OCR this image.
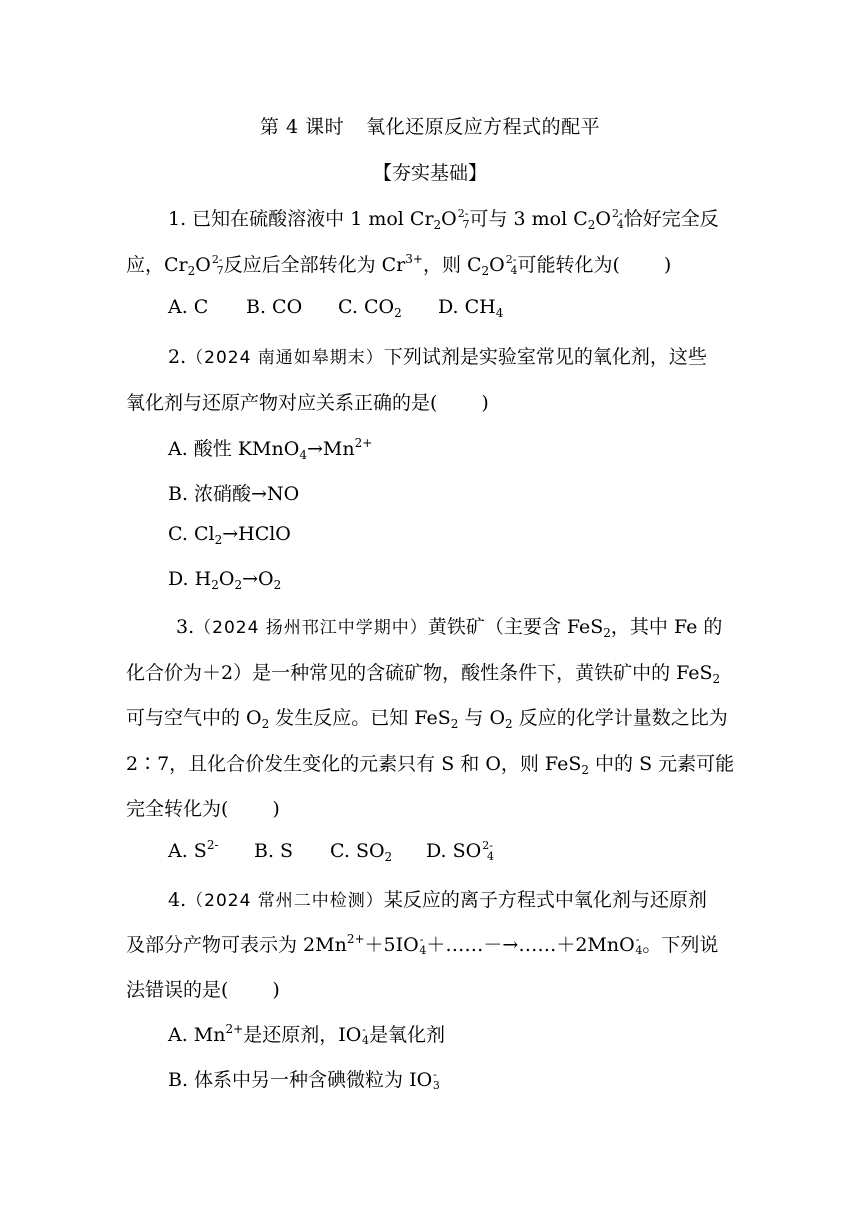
第 4 课时 氧化还原反应方程式的配平
【夯实基础】
1. 已知在硫酸溶液中 1 mol $Cr_2O^{2-}7$可与 3 mol $C_2O^{2-}4$恰好完全反
应，$Cr_2O^{2-}7$反应后全部转化为 $Cr^{3+}$，则 $C_2O^{2-}4$可能转化为( )
A. C B. CO C. $CO_2$ D. $CH_4$
2.（2024 南通如皋期末）下列试剂是实验室常见的氧化剂，这些
氧化剂与还原产物对应关系正确的是( )
A. 酸性 $KMnO_4\to Mn^{2+}$
B. 浓硝酸→NO
C. $Cl_2\to HClO$
D. $H_2O_2\to O_2$
3.（2024 扬州邗江中学期中）黄铁矿（主要含 FeS$_2$，其中 Fe 的
化合价为＋2）是一种常见的含硫矿物，酸性条件下，黄铁矿中的 FeS$_2$
可与空气中的 $O_2$ 发生反应。已知 FeS$_2$ 与 $O_2$ 反应的化学计量数之比为
2∶7，且化合价发生变化的元素只有 S 和 O，则 FeS$_2$ 中的 S 元素可能
完全转化为( )
A. $S^{2-}$ B. S C. $SO_2$ D. SO2-4
4.（2024 常州二中检测）某反应的离子方程式中氧化剂与还原剂
及部分产物可表示为 $2Mn^{2+}+5IO^-4+\dots\dots-\to\dots\dots+2MnO^-4$。下列说
法错误的是( )
A. $Mn^{2+}$是还原剂，IO-4是氧化剂
B. 体系中另一种含碘微粒为 IO-3
